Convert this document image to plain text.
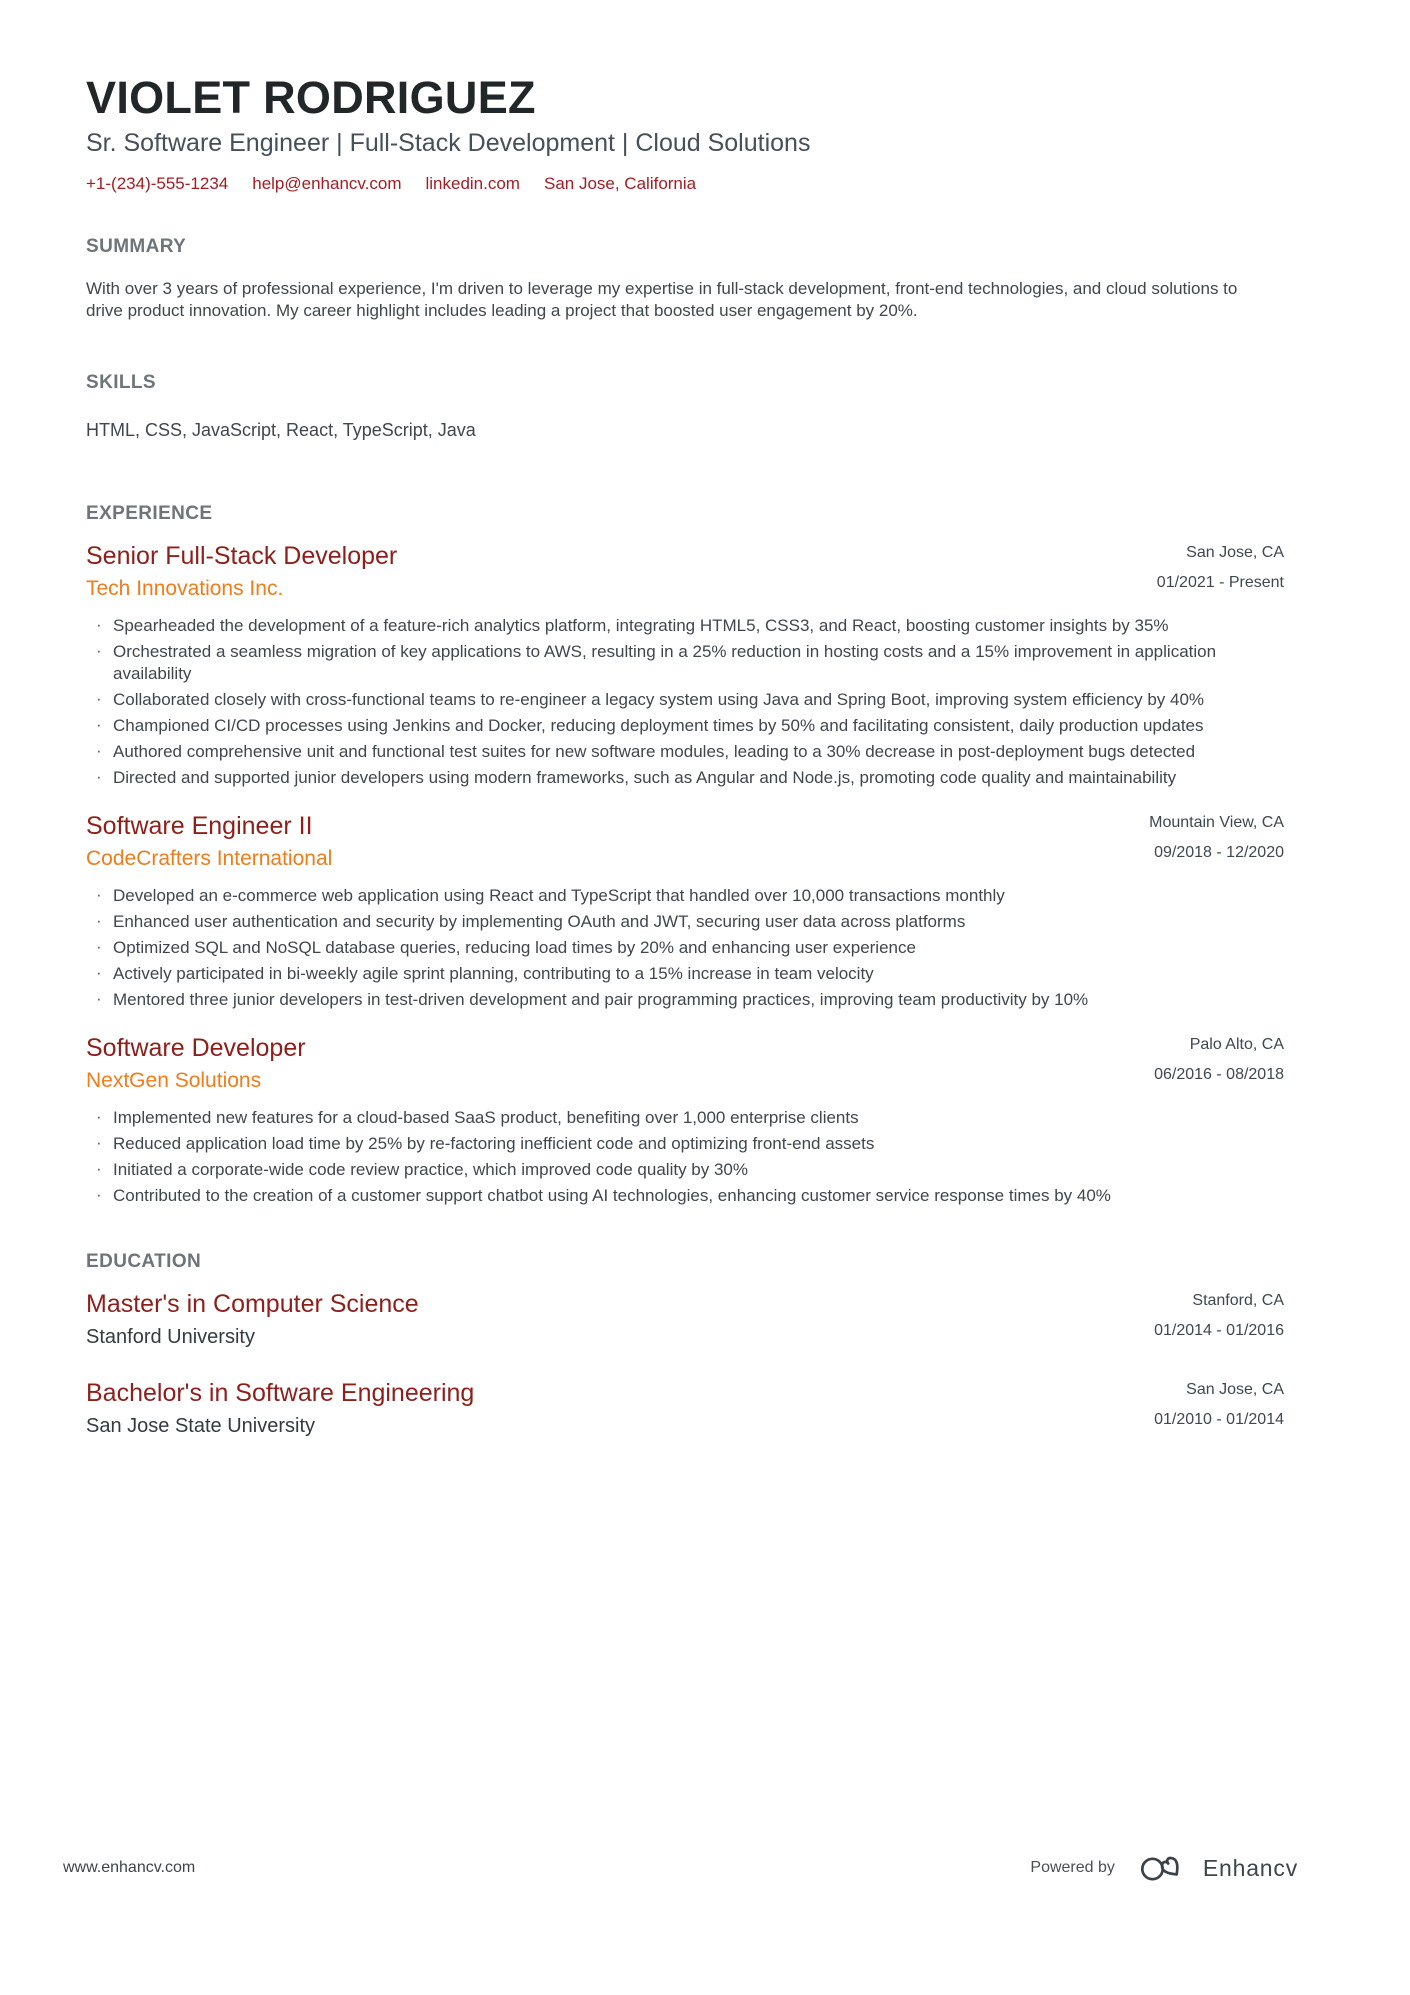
VIOLET RODRIGUEZ
Sr. Software Engineer | Full-Stack Development | Cloud Solutions
+1-(234)-555-1234 help@enhancv.com linkedin.com San Jose, California
SUMMARY
With over 3 years of professional experience, I'm driven to leverage my expertise in full-stack development, front-end technologies, and cloud solutions to drive product innovation. My career highlight includes leading a project that boosted user engagement by 20%.
SKILLS
HTML, CSS, JavaScript, React, TypeScript, Java
EXPERIENCE
Senior Full-Stack Developer
Tech Innovations Inc.
San Jose, CA
01/2021 - Present
· Spearheaded the development of a feature-rich analytics platform, integrating HTML5, CSS3, and React, boosting customer insights by 35%
· Orchestrated a seamless migration of key applications to AWS, resulting in a 25% reduction in hosting costs and a 15% improvement in application availability
· Collaborated closely with cross-functional teams to re-engineer a legacy system using Java and Spring Boot, improving system efficiency by 40%
· Championed CI/CD processes using Jenkins and Docker, reducing deployment times by 50% and facilitating consistent, daily production updates
· Authored comprehensive unit and functional test suites for new software modules, leading to a 30% decrease in post-deployment bugs detected
· Directed and supported junior developers using modern frameworks, such as Angular and Node.js, promoting code quality and maintainability
Software Engineer II
CodeCrafters International
Mountain View, CA
09/2018 - 12/2020
· Developed an e-commerce web application using React and TypeScript that handled over 10,000 transactions monthly
· Enhanced user authentication and security by implementing OAuth and JWT, securing user data across platforms
· Optimized SQL and NoSQL database queries, reducing load times by 20% and enhancing user experience
· Actively participated in bi-weekly agile sprint planning, contributing to a 15% increase in team velocity
· Mentored three junior developers in test-driven development and pair programming practices, improving team productivity by 10%
Software Developer
NextGen Solutions
Palo Alto, CA
06/2016 - 08/2018
· Implemented new features for a cloud-based SaaS product, benefiting over 1,000 enterprise clients
· Reduced application load time by 25% by re-factoring inefficient code and optimizing front-end assets
· Initiated a corporate-wide code review practice, which improved code quality by 30%
· Contributed to the creation of a customer support chatbot using AI technologies, enhancing customer service response times by 40%
EDUCATION
Master's in Computer Science
Stanford University
Stanford, CA
01/2014 - 01/2016
Bachelor's in Software Engineering
San Jose State University
San Jose, CA
01/2010 - 01/2014
www.enhancv.com	Powered by	Enhancv
